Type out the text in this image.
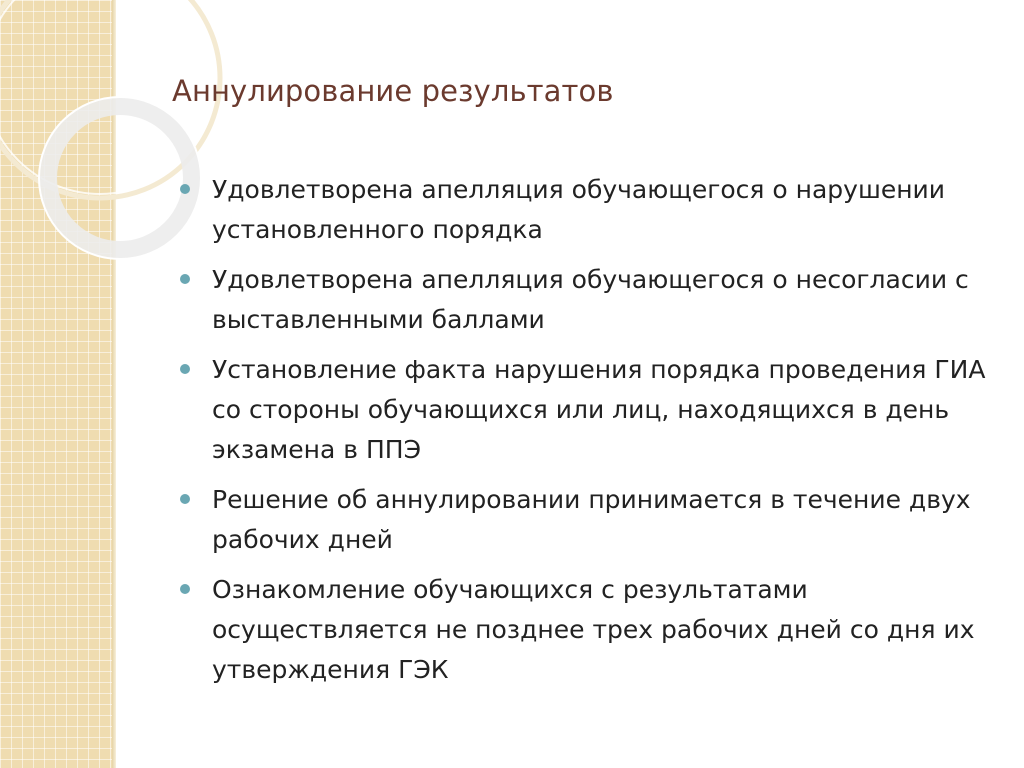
Аннулирование результатов
Удовлетворена апелляция обучающегося о нарушении установленного порядка
Удовлетворена апелляция обучающегося о несогласии с выставленными баллами
Установление факта нарушения порядка проведения ГИА со стороны обучающихся или лиц, находящихся в день экзамена в ППЭ
Решение об аннулировании принимается в течение двух рабочих дней
Ознакомление обучающихся с результатами осуществляется не позднее трех рабочих дней со дня их утверждения ГЭК
